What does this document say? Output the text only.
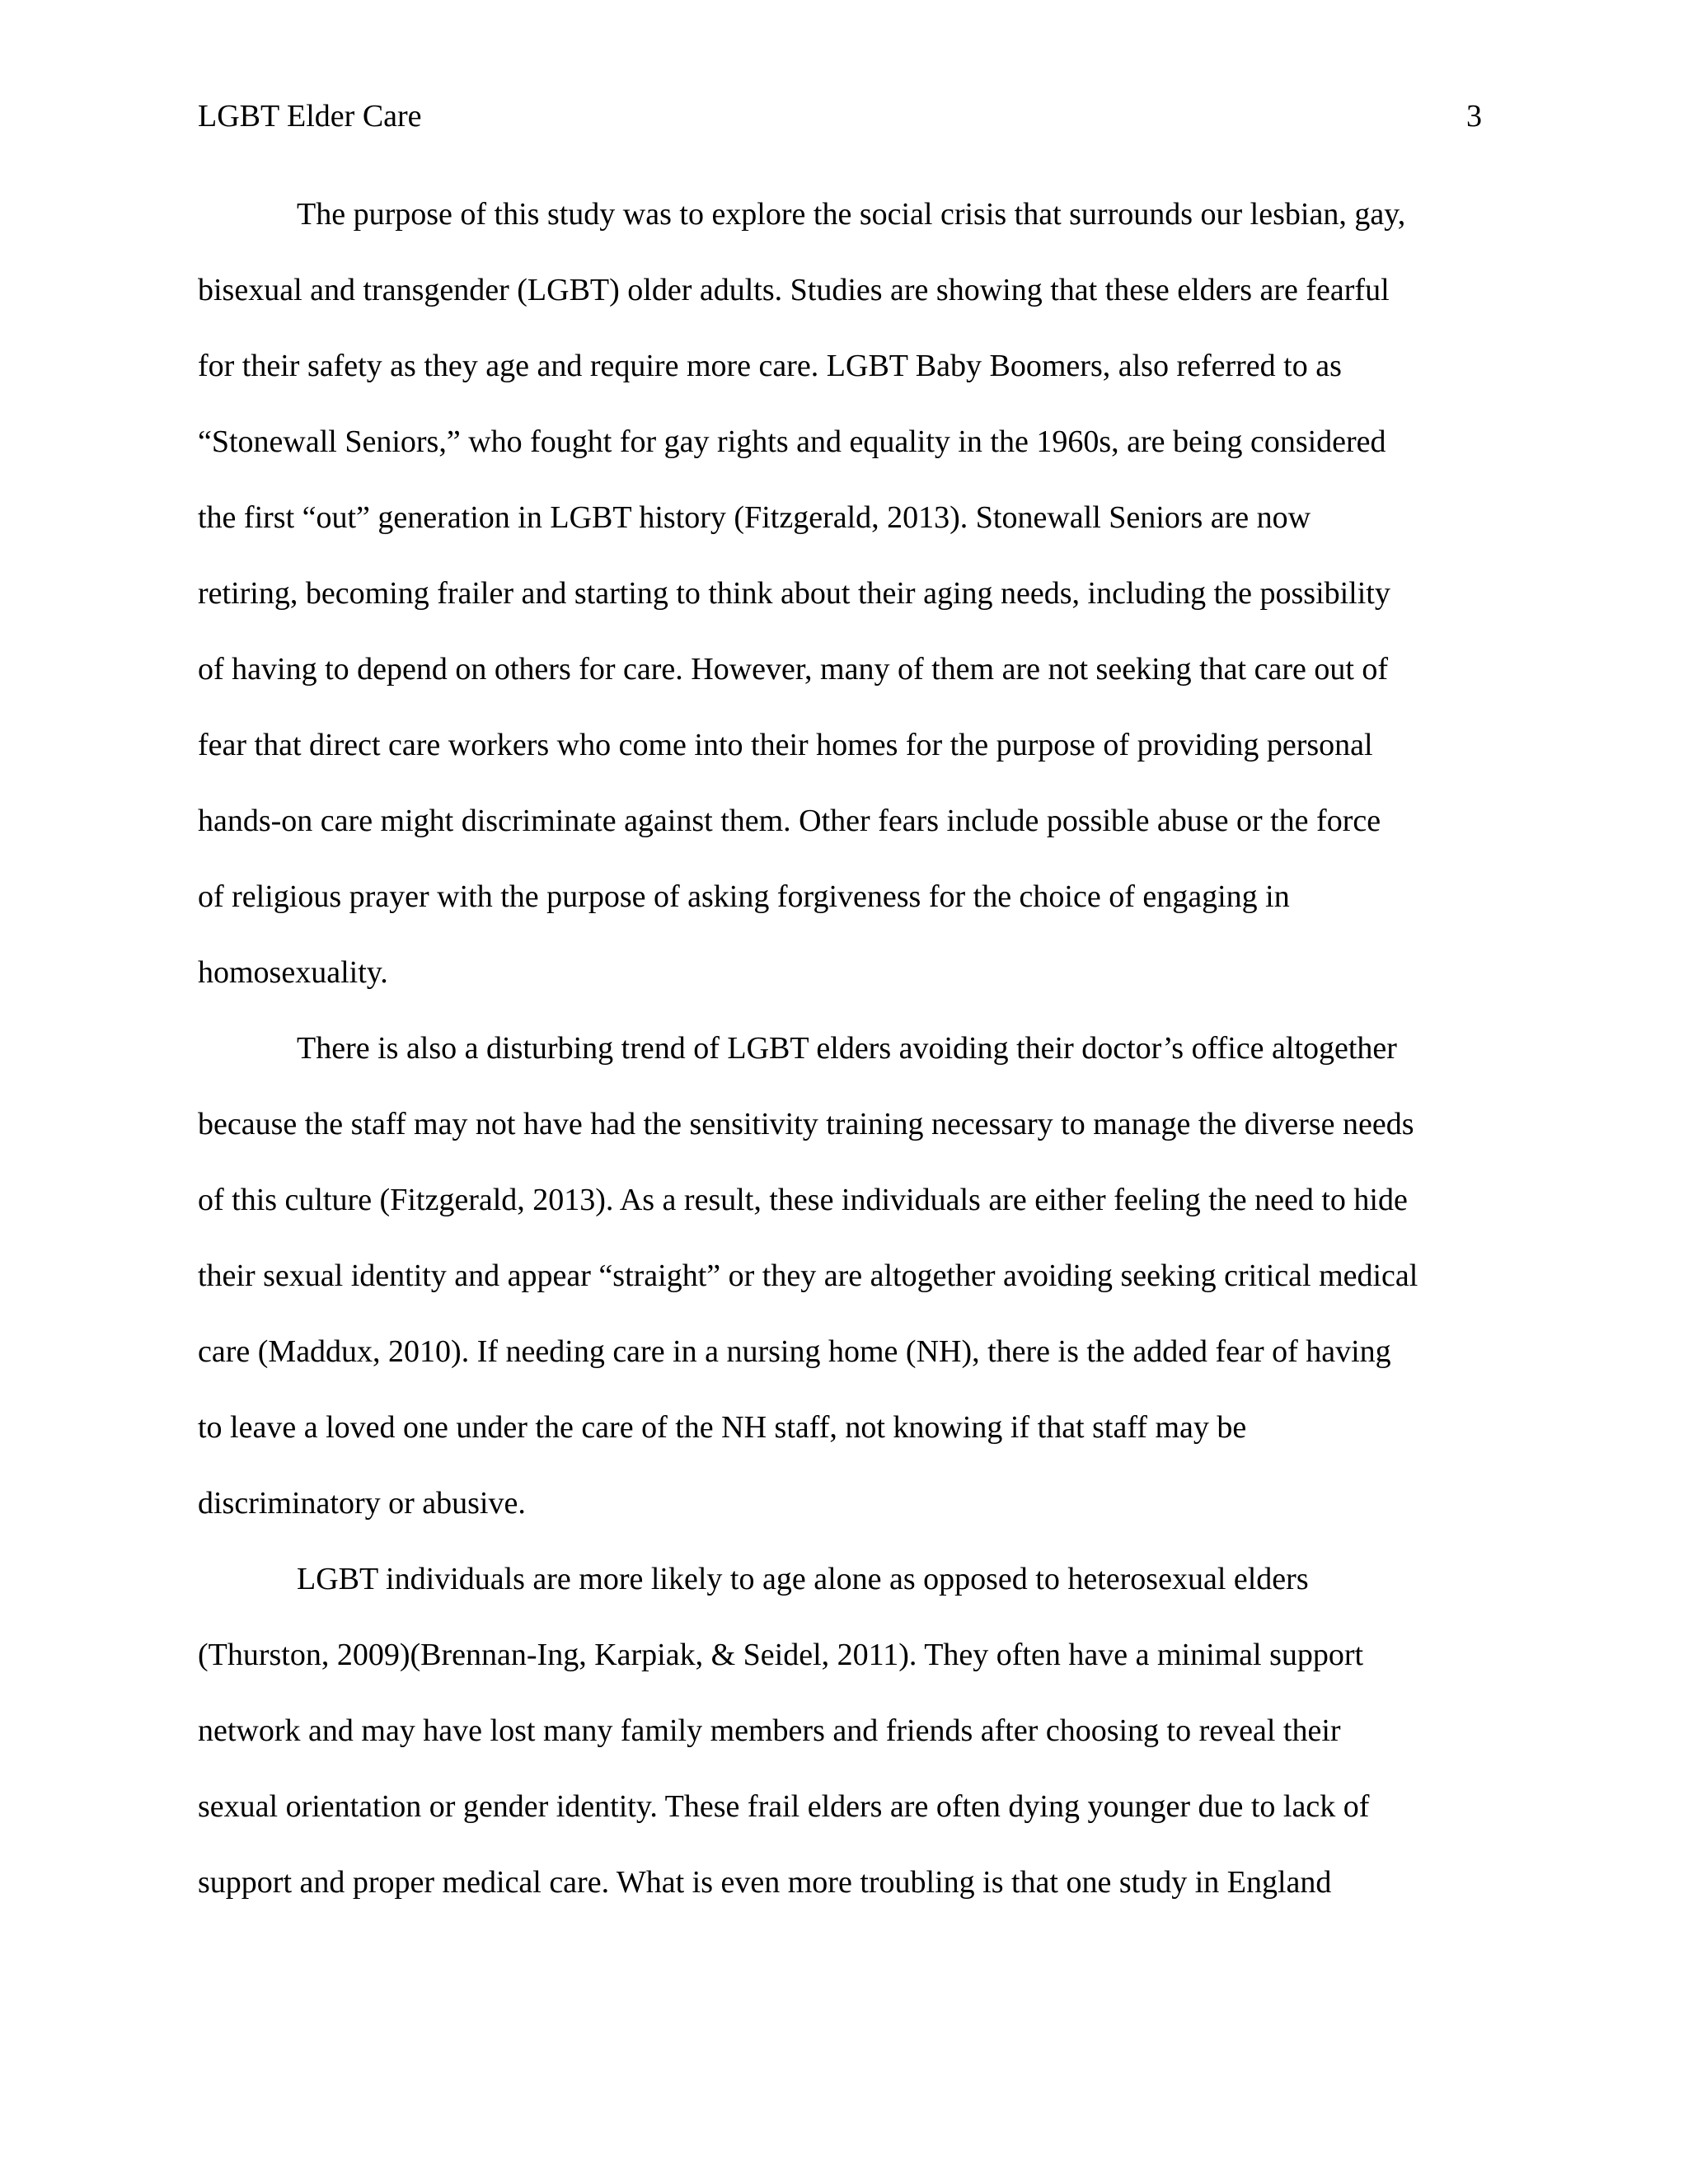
LGBT Elder Care	3
The purpose of this study was to explore the social crisis that surrounds our lesbian, gay,
bisexual and transgender (LGBT) older adults. Studies are showing that these elders are fearful
for their safety as they age and require more care. LGBT Baby Boomers, also referred to as
“Stonewall Seniors,” who fought for gay rights and equality in the 1960s, are being considered
the first “out” generation in LGBT history (Fitzgerald, 2013). Stonewall Seniors are now
retiring, becoming frailer and starting to think about their aging needs, including the possibility
of having to depend on others for care. However, many of them are not seeking that care out of
fear that direct care workers who come into their homes for the purpose of providing personal
hands-on care might discriminate against them. Other fears include possible abuse or the force
of religious prayer with the purpose of asking forgiveness for the choice of engaging in
homosexuality.
There is also a disturbing trend of LGBT elders avoiding their doctor’s office altogether
because the staff may not have had the sensitivity training necessary to manage the diverse needs
of this culture (Fitzgerald, 2013). As a result, these individuals are either feeling the need to hide
their sexual identity and appear “straight” or they are altogether avoiding seeking critical medical
care (Maddux, 2010). If needing care in a nursing home (NH), there is the added fear of having
to leave a loved one under the care of the NH staff, not knowing if that staff may be
discriminatory or abusive.
LGBT individuals are more likely to age alone as opposed to heterosexual elders
(Thurston, 2009)(Brennan-Ing, Karpiak, & Seidel, 2011). They often have a minimal support
network and may have lost many family members and friends after choosing to reveal their
sexual orientation or gender identity. These frail elders are often dying younger due to lack of
support and proper medical care. What is even more troubling is that one study in England
